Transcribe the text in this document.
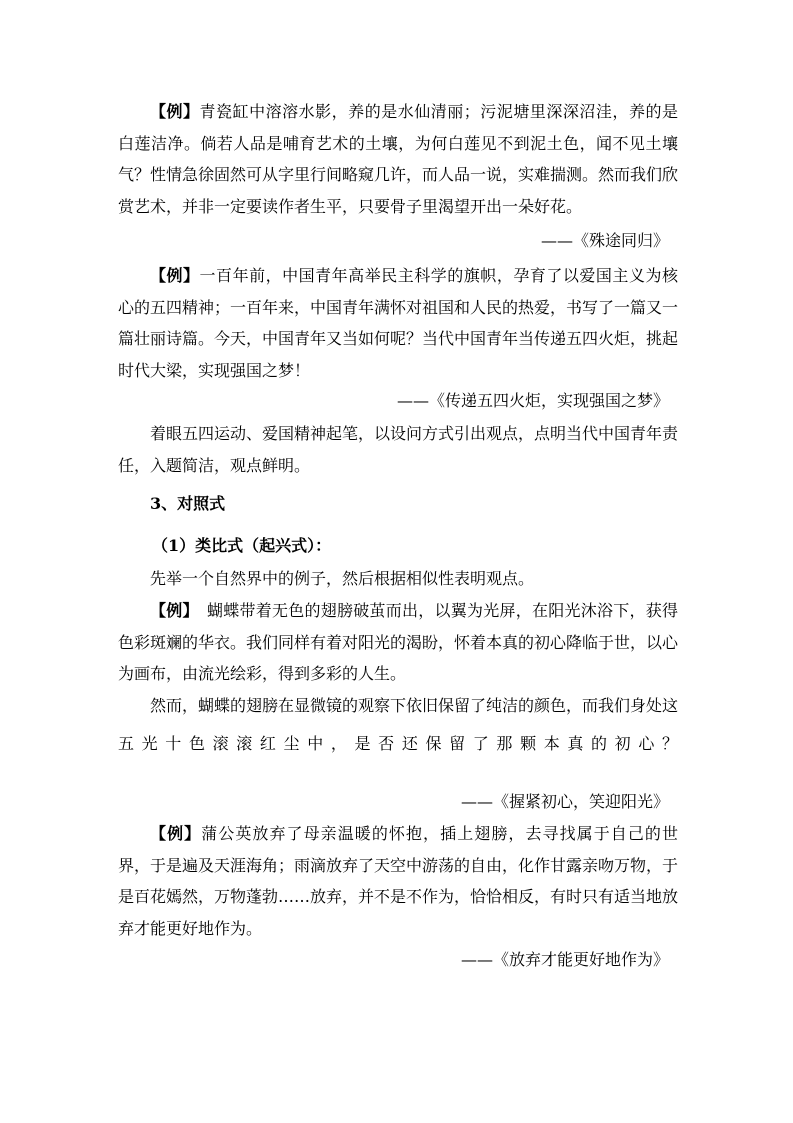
【例】青瓷缸中溶溶水影，养的是水仙清丽；污泥塘里深深沼洼，养的是白莲洁净。倘若人品是哺育艺术的土壤，为何白莲见不到泥土色，闻不见土壤气？性情急徐固然可从字里行间略窥几许，而人品一说，实难揣测。然而我们欣赏艺术，并非一定要读作者生平，只要骨子里渴望开出一朵好花。

——《殊途同归》

【例】一百年前，中国青年高举民主科学的旗帜，孕育了以爱国主义为核心的五四精神；一百年来，中国青年满怀对祖国和人民的热爱，书写了一篇又一篇壮丽诗篇。今天，中国青年又当如何呢？当代中国青年当传递五四火炬，挑起时代大梁，实现强国之梦！

——《传递五四火炬，实现强国之梦》

着眼五四运动、爱国精神起笔，以设问方式引出观点，点明当代中国青年责任，入题简洁，观点鲜明。

3、对照式
（1）类比式（起兴式）：

先举一个自然界中的例子，然后根据相似性表明观点。

【例】　蝴蝶带着无色的翅膀破茧而出，以翼为光屏，在阳光沐浴下，获得色彩斑斓的华衣。我们同样有着对阳光的渴盼，怀着本真的初心降临于世，以心为画布，由流光绘彩，得到多彩的人生。

然而，蝴蝶的翅膀在显微镜的观察下依旧保留了纯洁的颜色，而我们身处这

五光十色滚滚红尘中，是否还保留了那颗本真的初心？

——《握紧初心，笑迎阳光》

【例】蒲公英放弃了母亲温暖的怀抱，插上翅膀，去寻找属于自己的世界，于是遍及天涯海角；雨滴放弃了天空中游荡的自由，化作甘露亲吻万物，于是百花嫣然，万物蓬勃……放弃，并不是不作为，恰恰相反，有时只有适当地放弃才能更好地作为。

——《放弃才能更好地作为》
